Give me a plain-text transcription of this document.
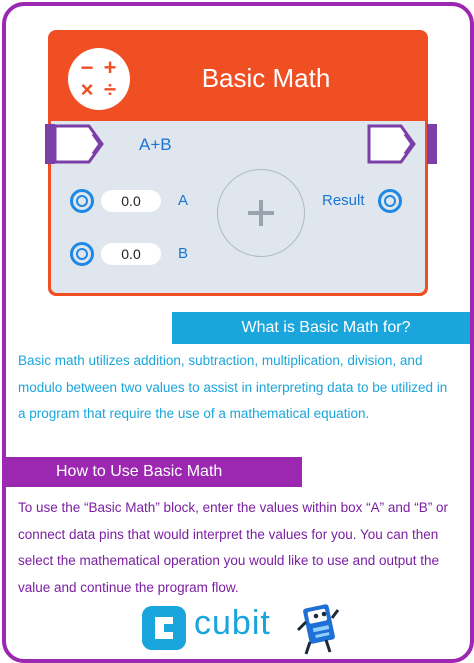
− +
× ÷	Basic Math
A+B
0.0	A
0.0	B
Result
What is Basic Math for?
Basic math utilizes addition, subtraction, multiplication, division, and modulo between two values to assist in interpreting data to be utilized in a program that require the use of a mathematical equation.
How to Use Basic Math
To use the “Basic Math” block, enter the values within box “A” and “B” or connect data pins that would interpret the values for you. You can then select the mathematical operation you would like to use and output the value and continue the program flow.
cubit
